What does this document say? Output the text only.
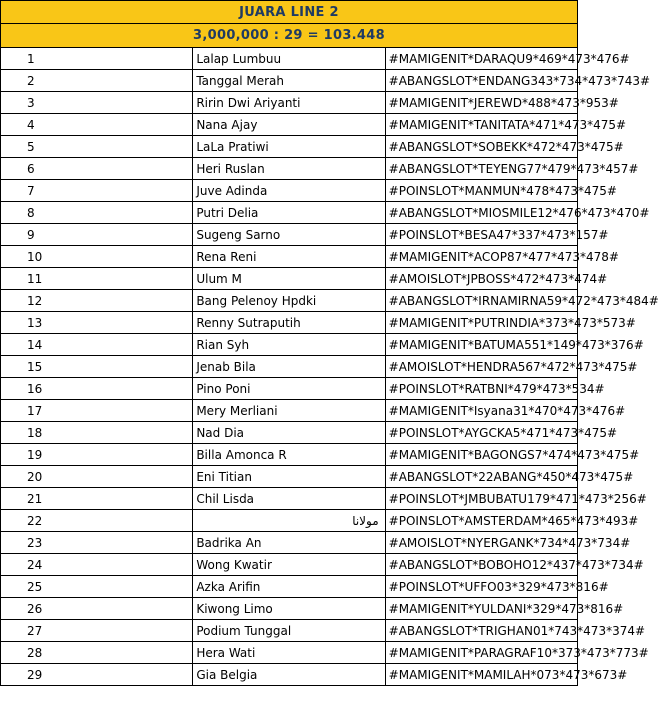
JUARA LINE 2		
3,000,000 : 29 = 103.448		
1	Lalap Lumbuu	#MAMIGENIT*DARAQU9*469*473*476#
2	Tanggal Merah	#ABANGSLOT*ENDANG343*734*473*743#
3	Ririn Dwi Ariyanti	#MAMIGENIT*JEREWD*488*473*953#
4	Nana Ajay	#MAMIGENIT*TANITATA*471*473*475#
5	LaLa Pratiwi	#ABANGSLOT*SOBEKK*472*473*475#
6	Heri Ruslan	#ABANGSLOT*TEYENG77*479*473*457#
7	Juve Adinda	#POINSLOT*MANMUN*478*473*475#
8	Putri Delia	#ABANGSLOT*MIOSMILE12*476*473*470#
9	Sugeng Sarno	#POINSLOT*BESA47*337*473*157#
10	Rena Reni	#MAMIGENIT*ACOP87*477*473*478#
11	Ulum M	#AMOISLOT*JPBOSS*472*473*474#
12	Bang Pelenoy Hpdki	#ABANGSLOT*IRNAMIRNA59*472*473*484#
13	Renny Sutraputih	#MAMIGENIT*PUTRINDIA*373*473*573#
14	Rian Syh	#MAMIGENIT*BATUMA551*149*473*376#
15	Jenab Bila	#AMOISLOT*HENDRA567*472*473*475#
16	Pino Poni	#POINSLOT*RATBNI*479*473*534#
17	Mery Merliani	#MAMIGENIT*Isyana31*470*473*476#
18	Nad Dia	#POINSLOT*AYGCKA5*471*473*475#
19	Billa Amonca R	#MAMIGENIT*BAGONGS7*474*473*475#
20	Eni Titian	#ABANGSLOT*22ABANG*450*473*475#
21	Chil Lisda	#POINSLOT*JMBUBATU179*471*473*256#
22	مولانا	#POINSLOT*AMSTERDAM*465*473*493#
23	Badrika An	#AMOISLOT*NYERGANK*734*473*734#
24	Wong Kwatir	#ABANGSLOT*BOBOHO12*437*473*734#
25	Azka Arifin	#POINSLOT*UFFO03*329*473*816#
26	Kiwong Limo	#MAMIGENIT*YULDANI*329*473*816#
27	Podium Tunggal	#ABANGSLOT*TRIGHAN01*743*473*374#
28	Hera Wati	#MAMIGENIT*PARAGRAF10*373*473*773#
29	Gia Belgia	#MAMIGENIT*MAMILAH*073*473*673#
